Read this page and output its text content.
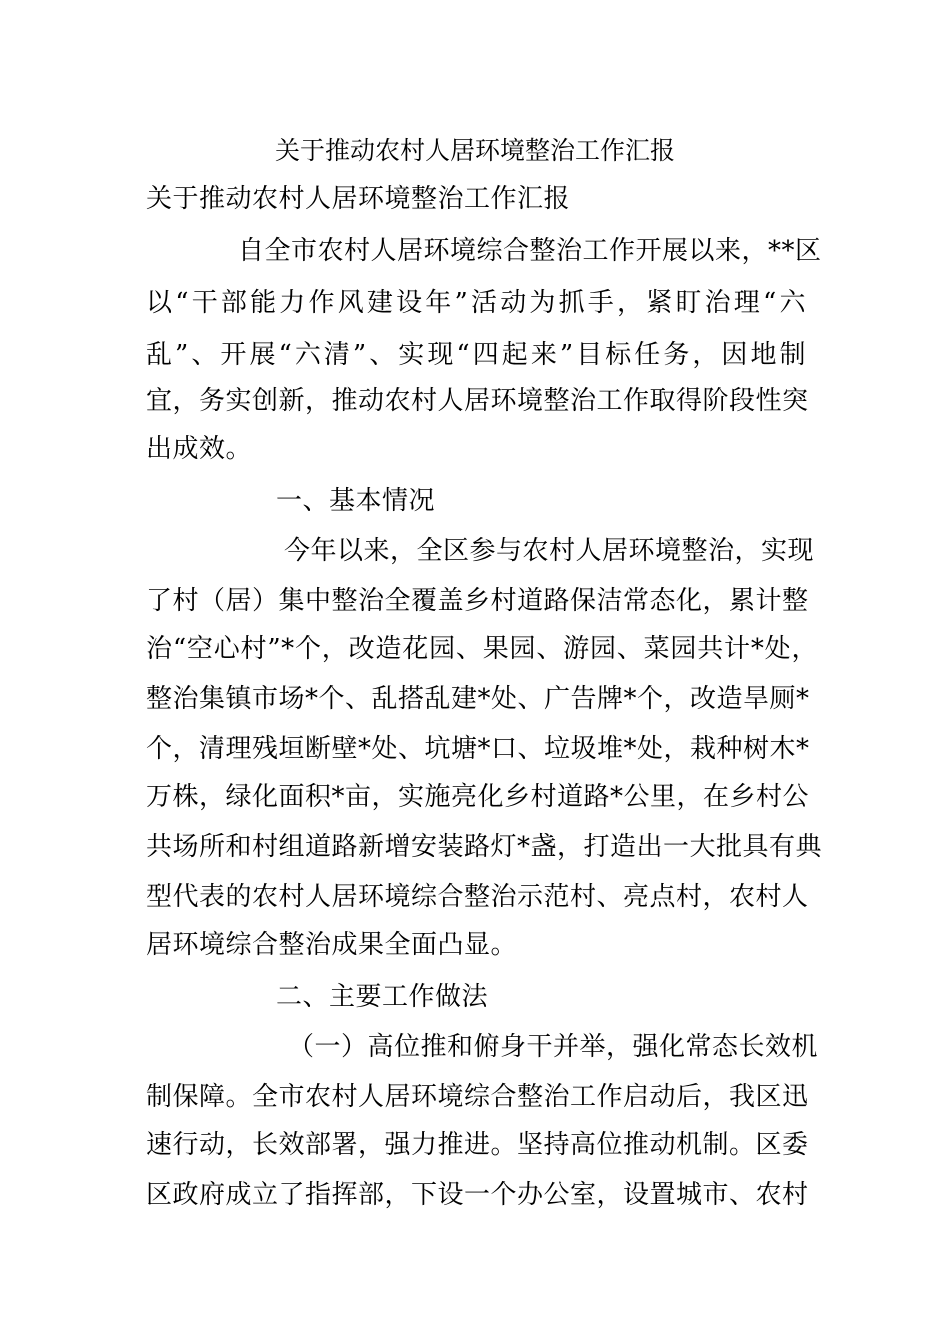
关于推动农村人居环境整治工作汇报
关于推动农村人居环境整治工作汇报
自全市农村人居环境综合整治工作开展以来，**区
以“干部能力作风建设年”活动为抓手，紧盯治理“六
乱”、开展“六清”、实现“四起来”目标任务，因地制
宜，务实创新，推动农村人居环境整治工作取得阶段性突
出成效。
一、基本情况
今年以来，全区参与农村人居环境整治，实现
了村（居）集中整治全覆盖乡村道路保洁常态化，累计整
治“空心村”*个，改造花园、果园、游园、菜园共计*处，
整治集镇市场*个、乱搭乱建*处、广告牌*个，改造旱厕*
个，清理残垣断壁*处、坑塘*口、垃圾堆*处，栽种树木*
万株，绿化面积*亩，实施亮化乡村道路*公里，在乡村公
共场所和村组道路新增安装路灯*盏，打造出一大批具有典
型代表的农村人居环境综合整治示范村、亮点村，农村人
居环境综合整治成果全面凸显。
二、主要工作做法
（一）高位推和俯身干并举，强化常态长效机
制保障。全市农村人居环境综合整治工作启动后，我区迅
速行动，长效部署，强力推进。坚持高位推动机制。区委
区政府成立了指挥部，下设一个办公室，设置城市、农村
